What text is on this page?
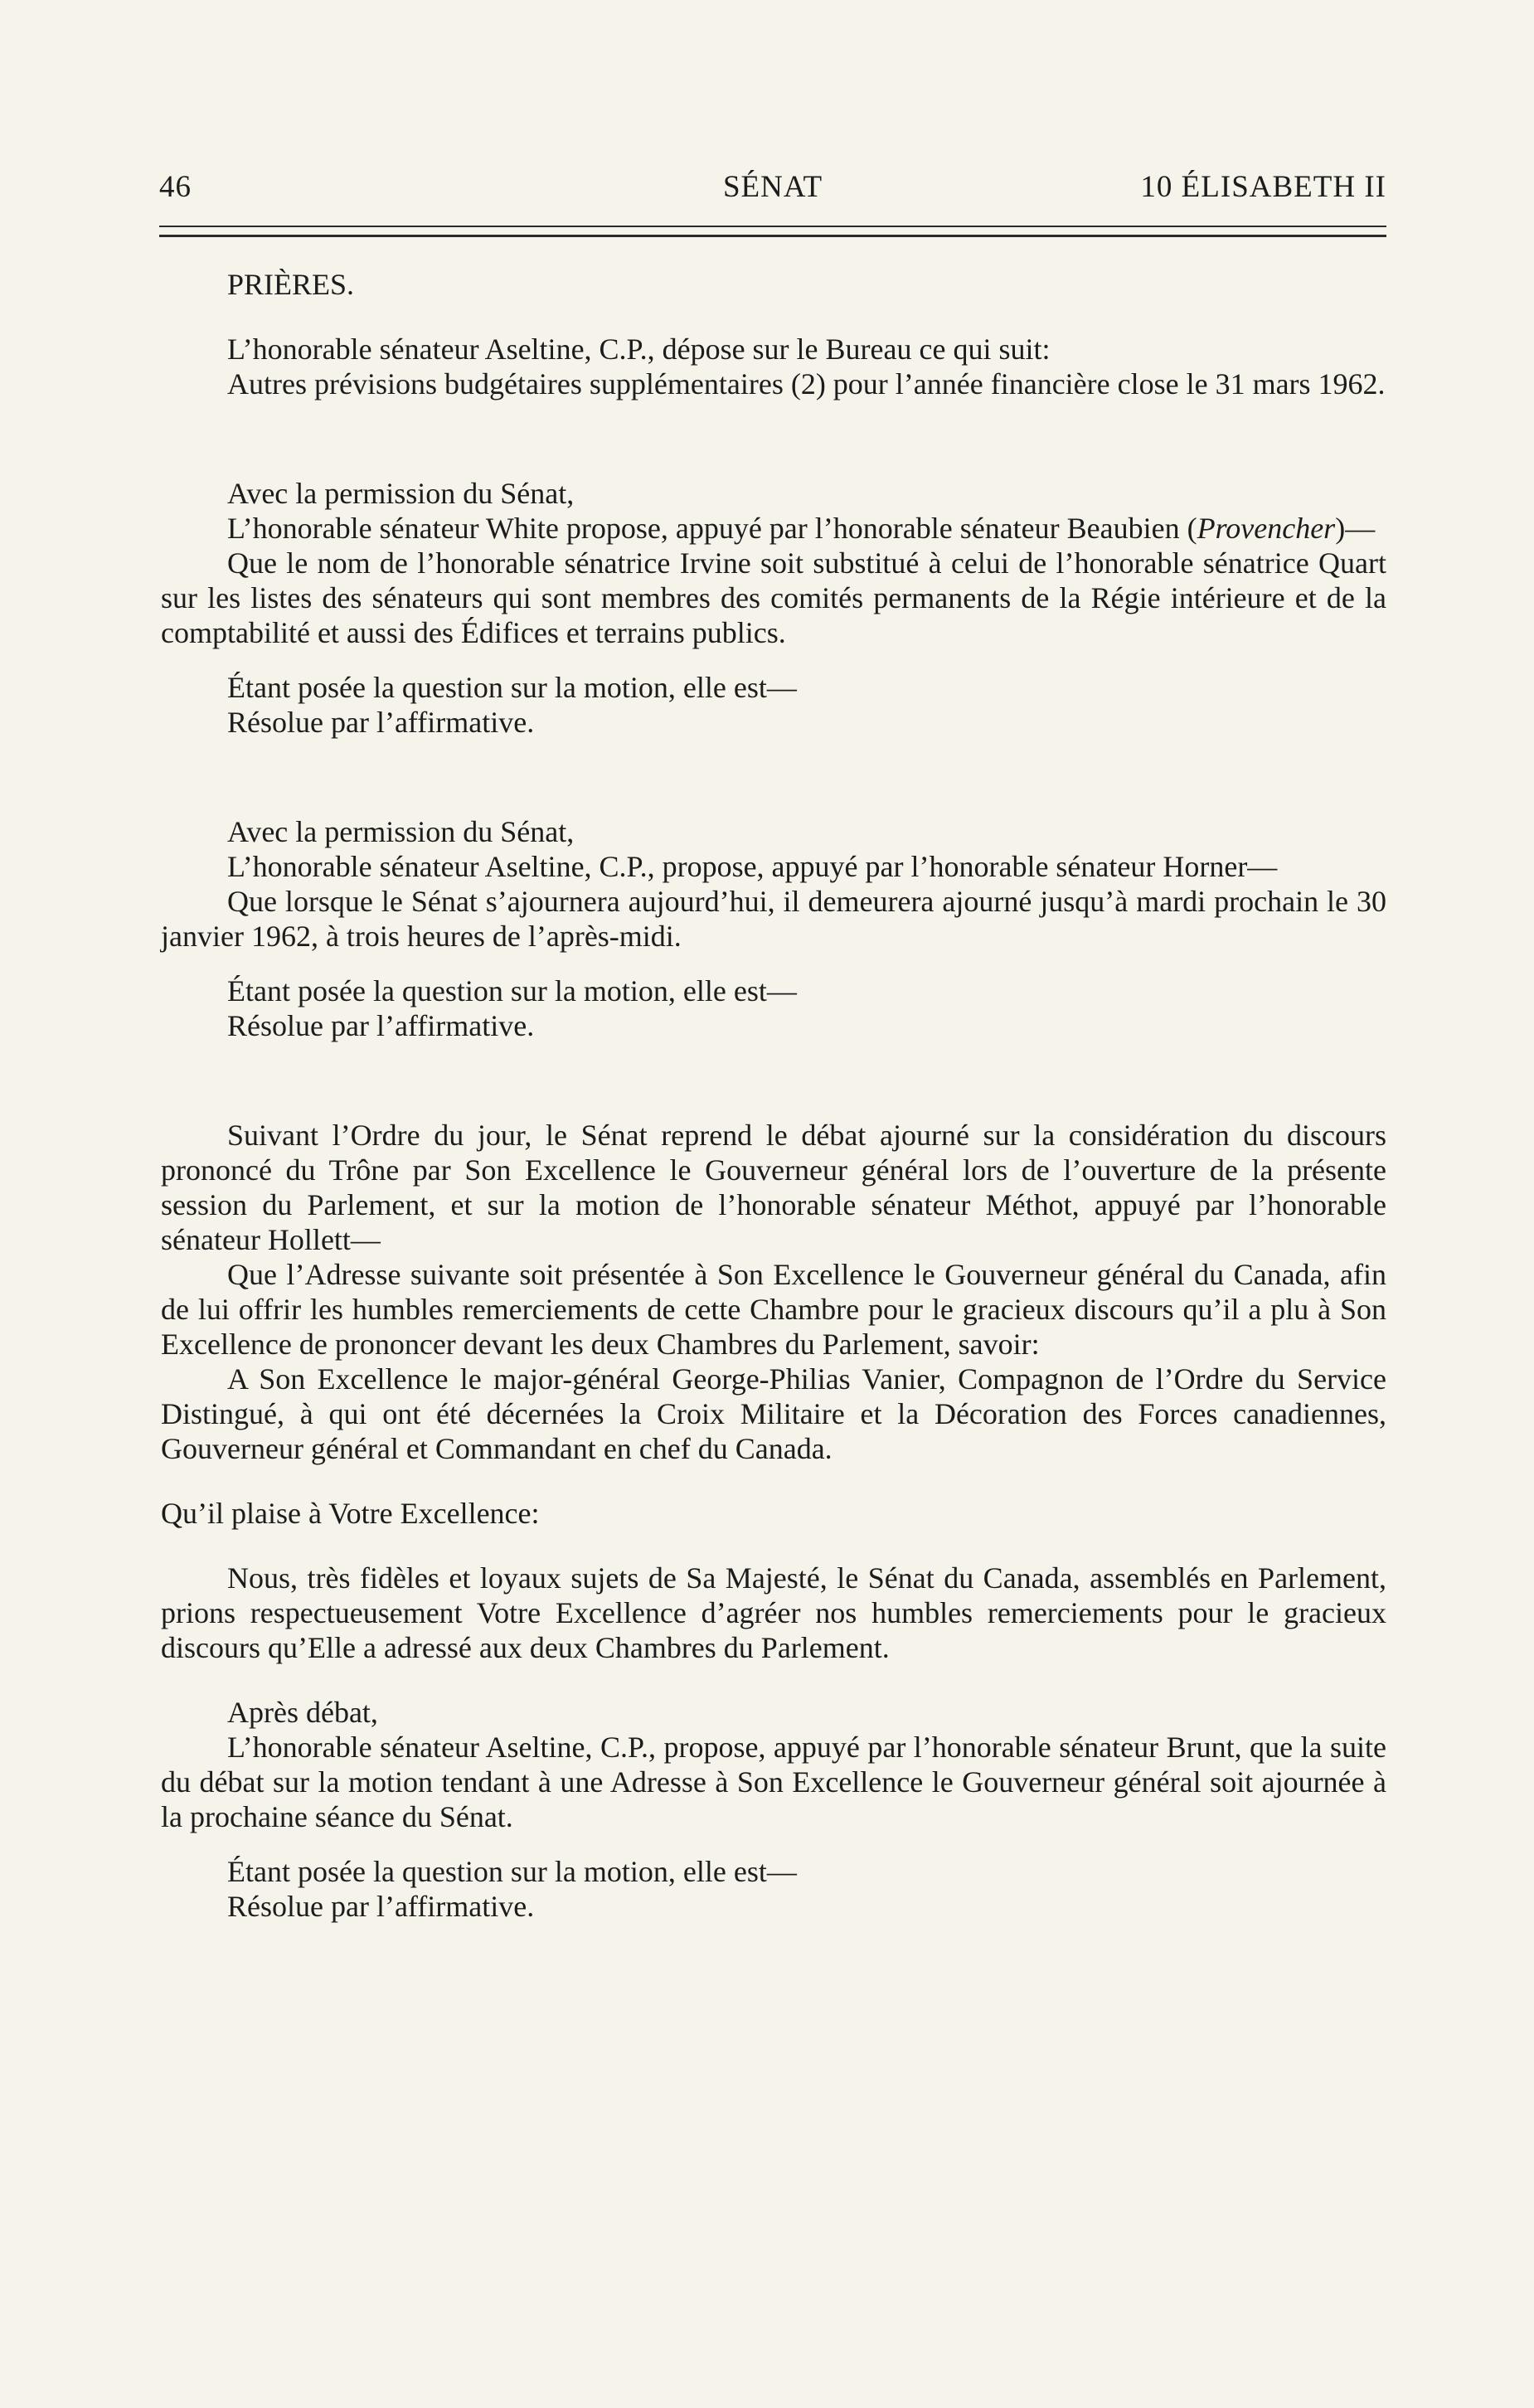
46	SÉNAT	10 ÉLISABETH II

PRIÈRES.

L’honorable sénateur Aseltine, C.P., dépose sur le Bureau ce qui suit:

Autres prévisions budgétaires supplémentaires (2) pour l’année financière close le 31 mars 1962.

Avec la permission du Sénat,

L’honorable sénateur White propose, appuyé par l’honorable sénateur Beaubien (Provencher)—

Que le nom de l’honorable sénatrice Irvine soit substitué à celui de l’honorable sénatrice Quart sur les listes des sénateurs qui sont membres des comités permanents de la Régie intérieure et de la comptabilité et aussi des Édifices et terrains publics.

Étant posée la question sur la motion, elle est—

Résolue par l’affirmative.

Avec la permission du Sénat,

L’honorable sénateur Aseltine, C.P., propose, appuyé par l’honorable sénateur Horner—

Que lorsque le Sénat s’ajournera aujourd’hui, il demeurera ajourné jusqu’à mardi prochain le 30 janvier 1962, à trois heures de l’après-midi.

Étant posée la question sur la motion, elle est—

Résolue par l’affirmative.

Suivant l’Ordre du jour, le Sénat reprend le débat ajourné sur la considération du discours prononcé du Trône par Son Excellence le Gouverneur général lors de l’ouverture de la présente session du Parlement, et sur la motion de l’honorable sénateur Méthot, appuyé par l’honorable sénateur Hollett—

Que l’Adresse suivante soit présentée à Son Excellence le Gouverneur général du Canada, afin de lui offrir les humbles remerciements de cette Chambre pour le gracieux discours qu’il a plu à Son Excellence de prononcer devant les deux Chambres du Parlement, savoir:

A Son Excellence le major-général George-Philias Vanier, Compagnon de l’Ordre du Service Distingué, à qui ont été décernées la Croix Militaire et la Décoration des Forces canadiennes, Gouverneur général et Commandant en chef du Canada.

Qu’il plaise à Votre Excellence:

Nous, très fidèles et loyaux sujets de Sa Majesté, le Sénat du Canada, assemblés en Parlement, prions respectueusement Votre Excellence d’agréer nos humbles remerciements pour le gracieux discours qu’Elle a adressé aux deux Chambres du Parlement.

Après débat,

L’honorable sénateur Aseltine, C.P., propose, appuyé par l’honorable sénateur Brunt, que la suite du débat sur la motion tendant à une Adresse à Son Excellence le Gouverneur général soit ajournée à la prochaine séance du Sénat.

Étant posée la question sur la motion, elle est—

Résolue par l’affirmative.
